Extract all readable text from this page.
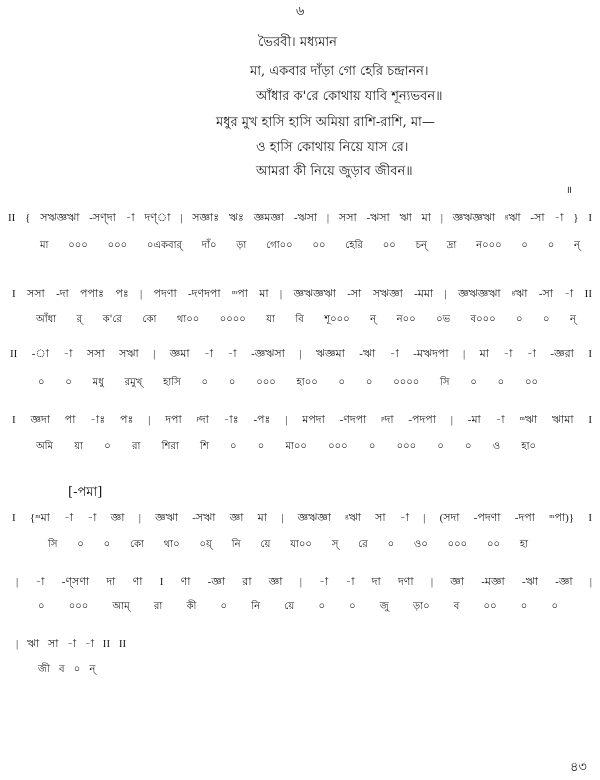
৬
ভৈরবী। মধ্যমান
মা, একবার দাঁড়া গো হেরি চন্দ্রানন।
আঁধার ক'রে কোথায় যাবি শূন্যভবন॥
মধুর মুখ হাসি হাসি অমিয়া রাশি-রাশি, মা—
ও হাসি কোথায় নিয়ে যাস রে।
আমরা কী নিয়ে জুড়াব জীবন॥
॥
II { সঋজ্ঞঋা -সণ্দা -া দণ্া | সজ্ঞাঃ ঋঃ জ্ঞমজ্ঞা -ঋসা | সসা -ঋসা ঋা মা | জ্ঞঋজ্ঞঋা ᵍঋা -সা -া } I
মা ০০০ ০০০ ০একবার্ দাঁ০ ড়া গো০০ ০০ হেরি ০০ চন্ দ্রা ন০০০ ০ ০ ন্
I সসা -দা পপাঃ পঃ | পদণা -দণদপা ᵐপা মা | জ্ঞঋজ্ঞঋা -সা সঋজ্ঞা -মমা | জ্ঞঋজ্ঞঋা ᵍঋা -সা -া II
আঁধা র্ ক'রে কো থা০০ ০০০০ যা বি শূ০০০ ন্ ন০০ ০ভ ব০০০ ০ ০ ন্
II -া -া সসা সঋা | জ্ঞমা -া -া -জ্ঞঋসা | ঋজ্ঞমা -ঋা -া -মঋদপা | মা -া -া -জ্ঞরা I
০ ০ মধু রমুখ্ হাসি ০ ০ ০০০ হা০০ ০ ০ ০০০০ সি ০ ০ ০০
I জ্ঞদা পা -াঃ পঃ | দপা ᵖদা -াঃ -পঃ | মপদা -ণদপা ᵖদা -পদপা | -মা -া ᵐঋা ঋামা I
অমি য়া ০ রা শিরা শি ০ ০ মা০০ ০০০ ০ ০০০ ০ ০ ও হা০
[-পমা]
I {ᵐমা -া -া জ্ঞা | জ্ঞঋা -সঋা জ্ঞা মা | জ্ঞঋজ্ঞা ᵍঋা সা -া | (সদা -পদণা -দপা ᵐপা)} I
সি ০ ০ কো থা০ ০য়্ নি য়ে যা০০ স্ রে ০ ও০ ০০০ ০০ হা
| -া -ণ্সণা দা ণা I ণা -জ্ঞা রা জ্ঞা | -া -া দা দণা | জ্ঞা -মজ্ঞা -ঋা -জ্ঞা |
০ ০০০ আম্ রা কী ০ নি য়ে ০ ০ জু ড়া০ ব ০০ ০ ০
| ঋা সা -া -া II II
জী ব ০ ন্
৪৩
